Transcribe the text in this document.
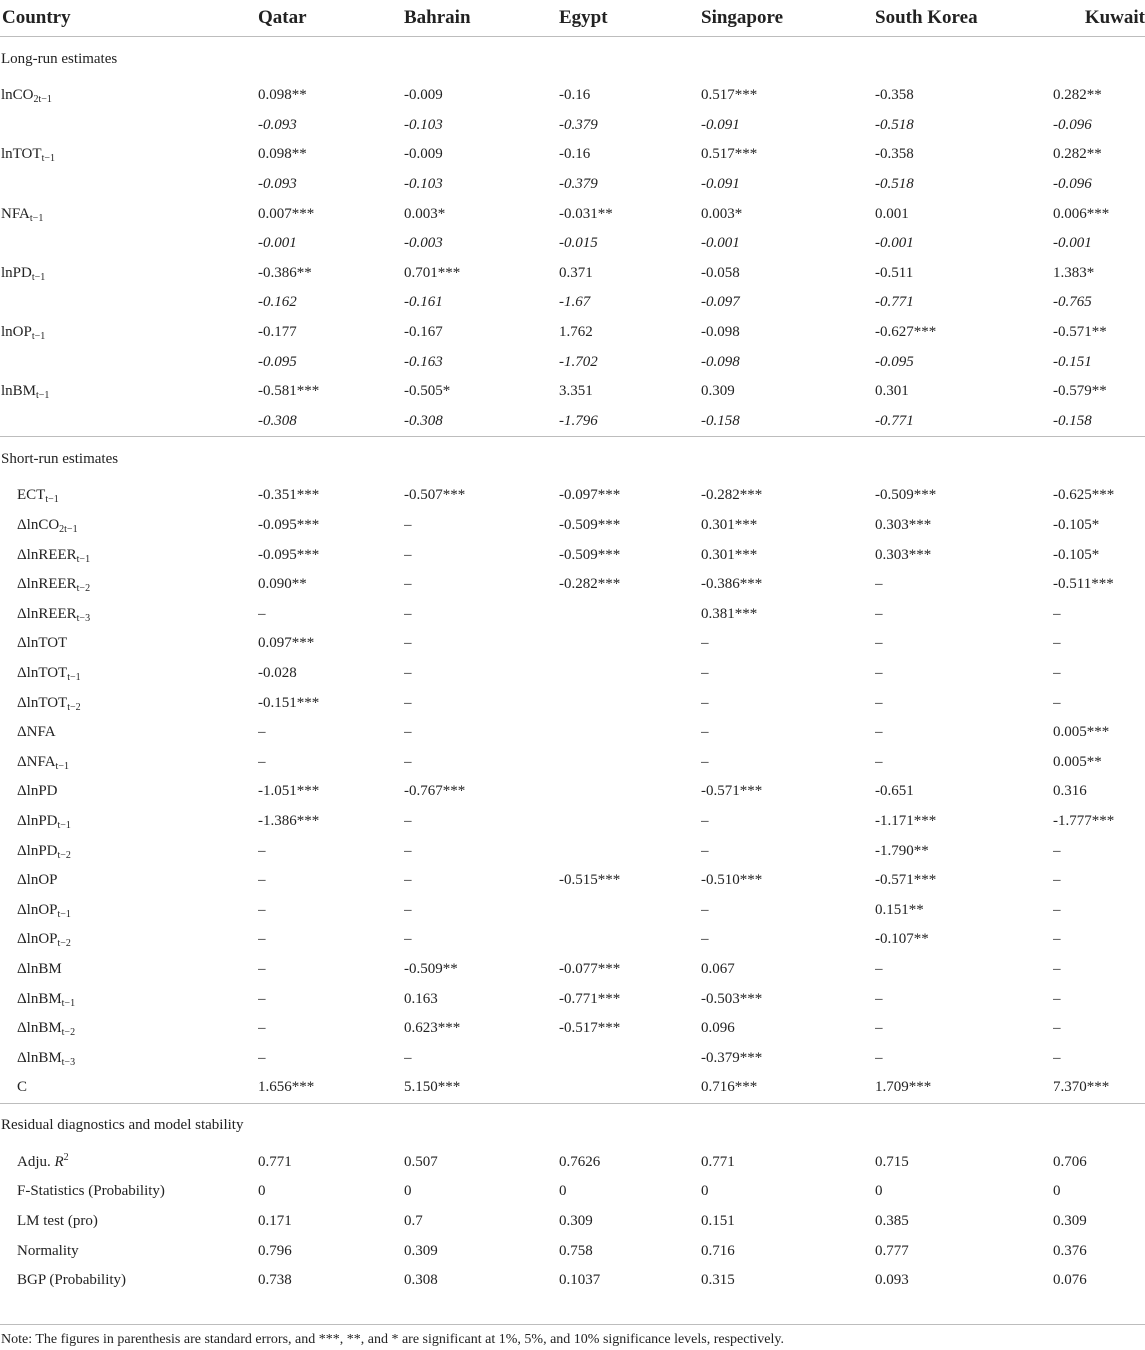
Country	Qatar	Bahrain	Egypt	Singapore	South Korea	Kuwait
Long-run estimates						
lnCO$_{2t-1}$	0.098**	-0.009	-0.16	0.517***	-0.358	0.282**
	-0.093	-0.103	-0.379	-0.091	-0.518	-0.096
lnTOT$_{t-1}$	0.098**	-0.009	-0.16	0.517***	-0.358	0.282**
	-0.093	-0.103	-0.379	-0.091	-0.518	-0.096
$NFA_{t-1}$	0.007***	0.003*	-0.031**	0.003*	0.001	0.006***
	-0.001	-0.003	-0.015	-0.001	-0.001	-0.001
lnPD$_{t-1}$	-0.386**	0.701***	0.371	-0.058	-0.511	1.383*
	-0.162	-0.161	-1.67	-0.097	-0.771	-0.765
lnOP$_{t-1}$	-0.177	-0.167	1.762	-0.098	-0.627***	-0.571**
	-0.095	-0.163	-1.702	-0.098	-0.095	-0.151
lnBM$_{t-1}$	-0.581***	-0.505*	3.351	0.309	0.301	-0.579**
	-0.308	-0.308	-1.796	-0.158	-0.771	-0.158
Short-run estimates						
$ECT_{t-1}$	-0.351***	-0.507***	-0.097***	-0.282***	-0.509***	-0.625***
ΔlnCO$_{2t-1}$	-0.095***	–	-0.509***	0.301***	0.303***	-0.105*
ΔlnREER$_{t-1}$	-0.095***	–	-0.509***	0.301***	0.303***	-0.105*
ΔlnREER$_{t-2}$	0.090**	–	-0.282***	-0.386***	–	-0.511***
ΔlnREER$_{t-3}$	–	–		0.381***	–	–
ΔlnTOT	0.097***	–		–	–	–
ΔlnTOT$_{t-1}$	-0.028	–		–	–	–
ΔlnTOT$_{t-2}$	-0.151***	–		–	–	–
ΔNFA	–	–		–	–	0.005***
$\Delta NFA_{t-1}$	–	–		–	–	0.005**
ΔlnPD	-1.051***	-0.767***		-0.571***	-0.651	0.316
ΔlnPD$_{t-1}$	-1.386***	–		–	-1.171***	-1.777***
ΔlnPD$_{t-2}$	–	–		–	-1.790**	–
ΔlnOP	–	–	-0.515***	-0.510***	-0.571***	–
ΔlnOP$_{t-1}$	–	–		–	0.151**	–
ΔlnOP$_{t-2}$	–	–		–	-0.107**	–
ΔlnBM	–	-0.509**	-0.077***	0.067	–	–
ΔlnBM$_{t-1}$	–	0.163	-0.771***	-0.503***	–	–
ΔlnBM$_{t-2}$	–	0.623***	-0.517***	0.096	–	–
ΔlnBM$_{t-3}$	–	–		-0.379***	–	–
C	1.656***	5.150***		0.716***	1.709***	7.370***
Residual diagnostics and model stability						
Adju. $R^2$	0.771	0.507	0.7626	0.771	0.715	0.706
F-Statistics (Probability)	0	0	0	0	0	0
LM test (pro)	0.171	0.7	0.309	0.151	0.385	0.309
Normality	0.796	0.309	0.758	0.716	0.777	0.376
BGP (Probability)	0.738	0.308	0.1037	0.315	0.093	0.076
Note: The figures in parenthesis are standard errors, and ***, **, and * are significant at 1%, 5%, and 10% significance levels, respectively.
